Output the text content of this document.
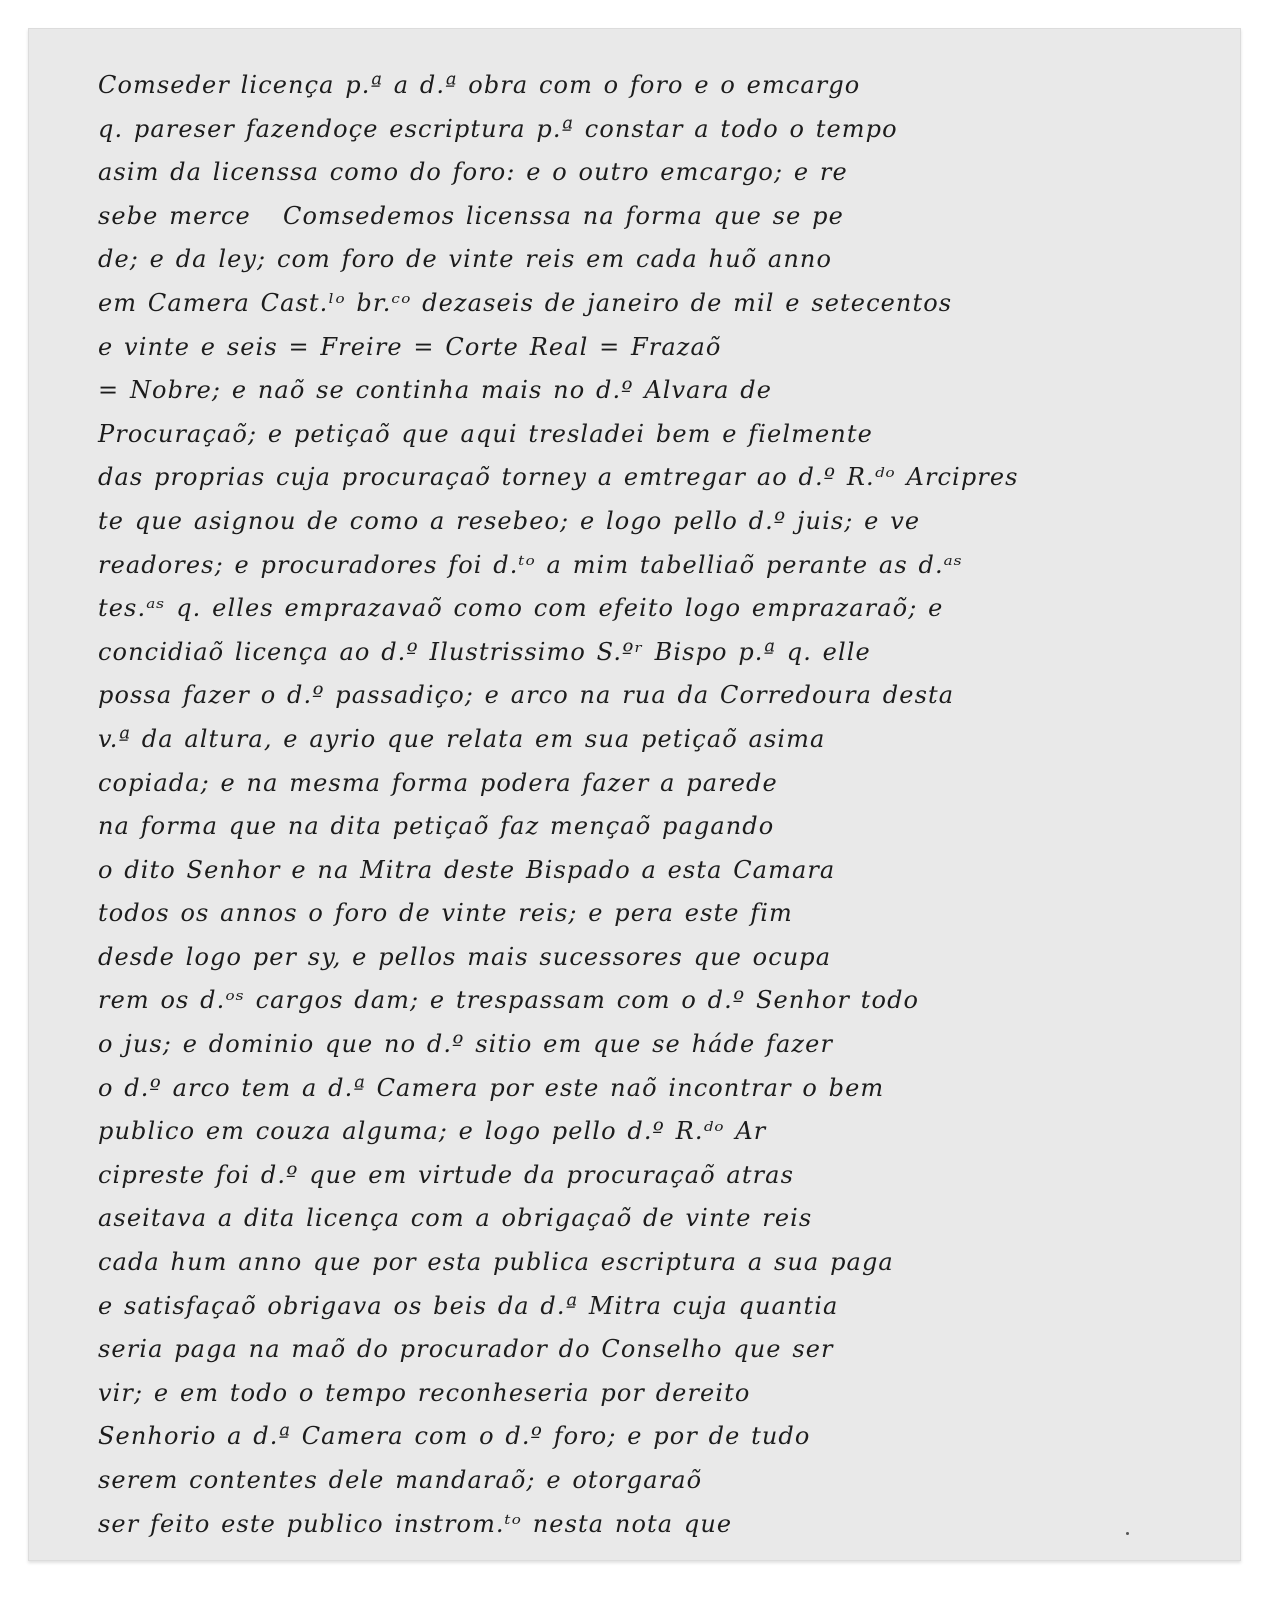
Comseder licença p.ª a d.ª obra com o foro e o emcargo
q. pareser fazendoçe escriptura p.ª constar a todo o tempo
asim da licenssa como do foro: e o outro emcargo; e re
sebe merce   Comsedemos licenssa na forma que se pe
de; e da ley; com foro de vinte reis em cada huõ anno
em Camera Cast.ˡᵒ br.ᶜᵒ dezaseis de janeiro de mil e setecentos
e vinte e seis = Freire = Corte Real = Frazaõ
= Nobre; e naõ se continha mais no d.º Alvara de
Procuraçaõ; e petiçaõ que aqui tresladei bem e fielmente
das proprias cuja procuraçaõ torney a emtregar ao d.º R.ᵈᵒ Arcipres
te que asignou de como a resebeo; e logo pello d.º juis; e ve
readores; e procuradores foi d.ᵗᵒ a mim tabelliaõ perante as d.ᵃˢ
tes.ᵃˢ q. elles emprazavaõ como com efeito logo emprazaraõ; e
concidiaõ licença ao d.º Ilustrissimo S.ºʳ Bispo p.ª q. elle
possa fazer o d.º passadiço; e arco na rua da Corredoura desta
v.ª da altura, e ayrio que relata em sua petiçaõ asima
copiada; e na mesma forma podera fazer a parede
na forma que na dita petiçaõ faz mençaõ pagando
o dito Senhor e na Mitra deste Bispado a esta Camara
todos os annos o foro de vinte reis; e pera este fim
desde logo per sy, e pellos mais sucessores que ocupa
rem os d.ᵒˢ cargos dam; e trespassam com o d.º Senhor todo
o jus; e dominio que no d.º sitio em que se háde fazer
o d.º arco tem a d.ª Camera por este naõ incontrar o bem
publico em couza alguma; e logo pello d.º R.ᵈᵒ Ar
cipreste foi d.º que em virtude da procuraçaõ atras
aseitava a dita licença com a obrigaçaõ de vinte reis
cada hum anno que por esta publica escriptura a sua paga
e satisfaçaõ obrigava os beis da d.ª Mitra cuja quantia
seria paga na maõ do procurador do Conselho que ser
vir; e em todo o tempo reconheseria por dereito
Senhorio a d.ª Camera com o d.º foro; e por de tudo
serem contentes dele mandaraõ; e otorgaraõ
ser feito este publico instrom.ᵗᵒ nesta nota que
